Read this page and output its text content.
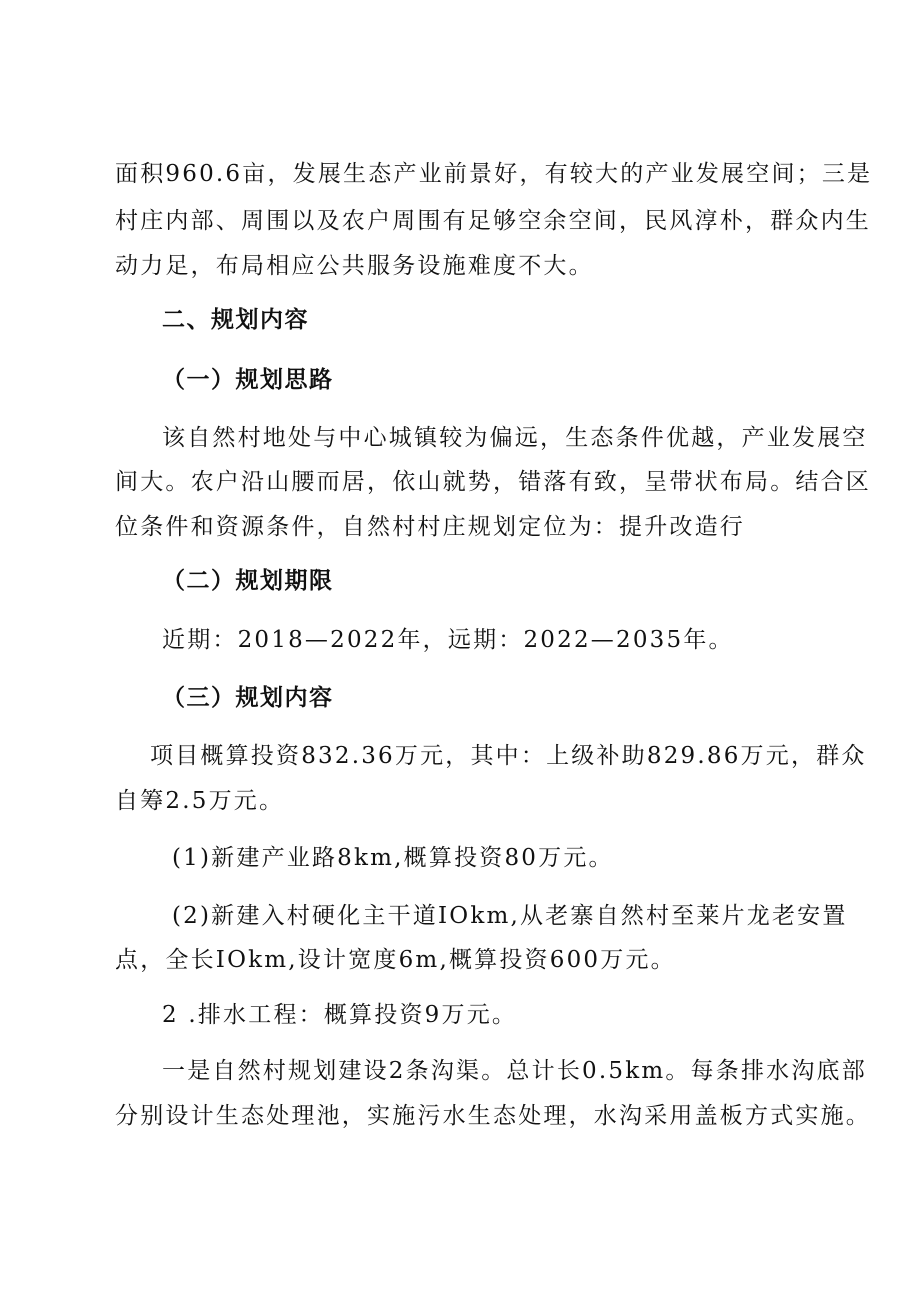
面积960.6亩，发展生态产业前景好，有较大的产业发展空间；三是
村庄内部、周围以及农户周围有足够空余空间，民风淳朴，群众内生
动力足，布局相应公共服务设施难度不大。
二、规划内容
（一）规划思路
该自然村地处与中心城镇较为偏远，生态条件优越，产业发展空
间大。农户沿山腰而居，依山就势，错落有致，呈带状布局。结合区
位条件和资源条件，自然村村庄规划定位为：提升改造行
（二）规划期限
近期：2018—2022年，远期：2022—2035年。
（三）规划内容
项目概算投资832.36万元，其中：上级补助829.86万元，群众
自筹2.5万元。
(1)新建产业路8km,概算投资80万元。
(2)新建入村硬化主干道IOkm,从老寨自然村至莱片龙老安置
点，全长IOkm,设计宽度6m,概算投资600万元。
2 .排水工程：概算投资9万元。
一是自然村规划建设2条沟渠。总计长0.5km。每条排水沟底部
分别设计生态处理池，实施污水生态处理，水沟采用盖板方式实施。
